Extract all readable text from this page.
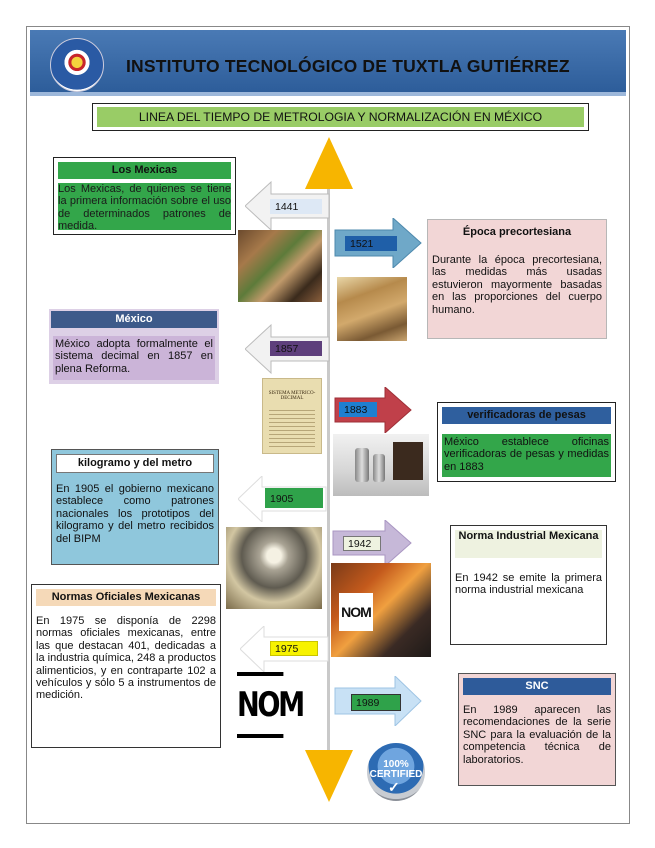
INSTITUTO TECNOLÓGICO DE TUXTLA GUTIÉRREZ
LINEA DEL TIEMPO DE METROLOGIA Y NORMALIZACIÓN EN MÉXICO
Los Mexicas
Los Mexicas, de quienes se tiene la primera información sobre el uso de determinados patrones de medida.
1441
1521
Época precortesiana
Durante la época precortesiana, las medidas más usadas estuvieron mayormente basadas en las proporciones del cuerpo humano.
México
México adopta formalmente el sistema decimal en 1857 en plena Reforma.
1857
SISTEMA METRICO-DECIMAL
1883	verificadoras de pesas
México establece oficinas verificadoras de pesas y medidas en 1883
kilogramo y del metro
En 1905 el gobierno mexicano establece como patrones nacionales los prototipos del kilogramo y del metro recibidos del BIPM
1905
1942
NOM
Norma Industrial Mexicana
En 1942 se emite la primera norma industrial mexicana
Normas Oficiales Mexicanas
En 1975 se disponía de 2298 normas oficiales mexicanas, entre las que destacan 401, dedicadas a la industria química, 248 a productos alimenticios, y en contraparte 102 a vehículos y sólo 5 a instrumentos de medición.
1975
NOM	1989
100% CERTIFIED
✓
SNC
En 1989 aparecen las recomendaciones de la serie SNC para la evaluación de la competencia técnica de laboratorios.
